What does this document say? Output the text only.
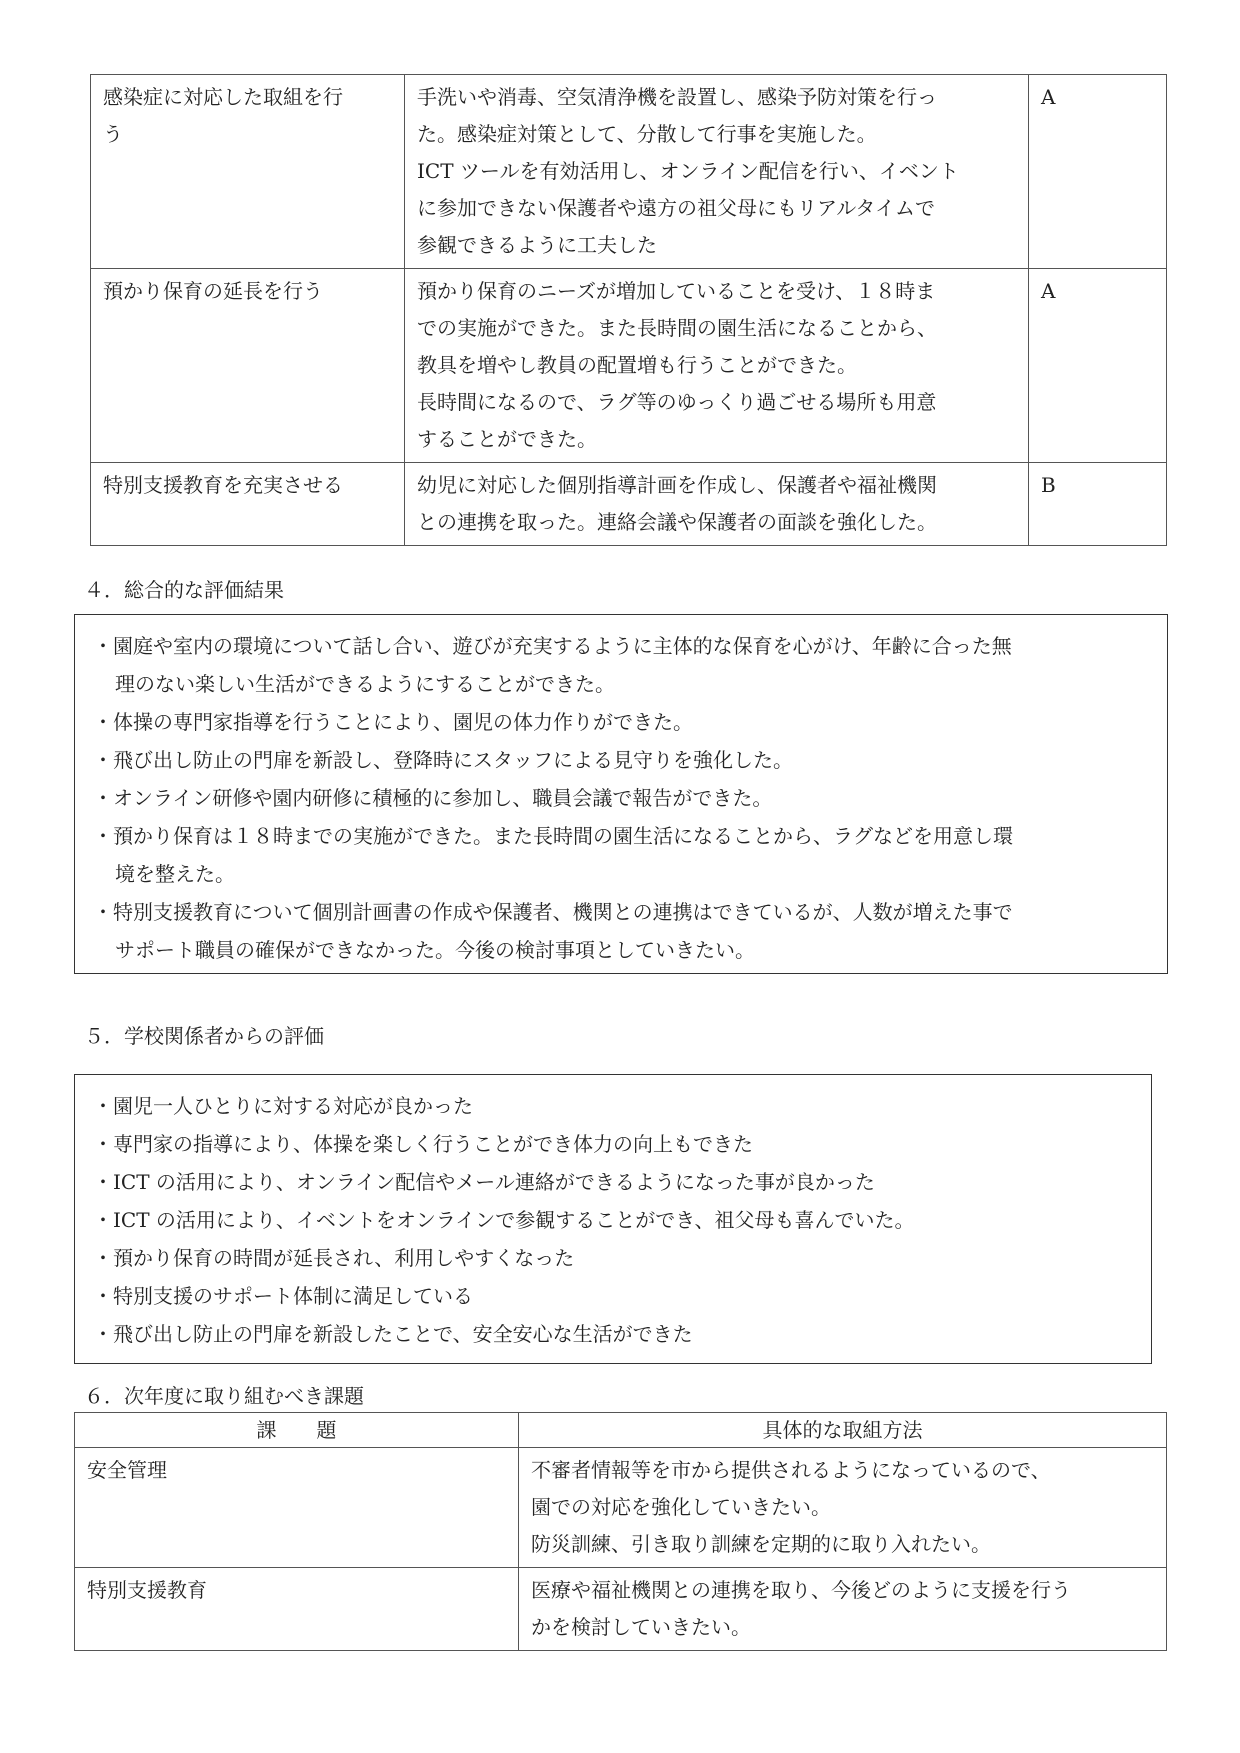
感染症に対応した取組を行
う	手洗いや消毒、空気清浄機を設置し、感染予防対策を行っ
た。感染症対策として、分散して行事を実施した。
ICT ツールを有効活用し、オンライン配信を行い、イベント
に参加できない保護者や遠方の祖父母にもリアルタイムで
参観できるように工夫した	A

預かり保育の延長を行う	預かり保育のニーズが増加していることを受け、１８時ま
での実施ができた。また長時間の園生活になることから、
教具を増やし教員の配置増も行うことができた。
長時間になるので、ラグ等のゆっくり過ごせる場所も用意
することができた。	A

特別支援教育を充実させる	幼児に対応した個別指導計画を作成し、保護者や福祉機関
との連携を取った。連絡会議や保護者の面談を強化した。	B
４．総合的な評価結果
・園庭や室内の環境について話し合い、遊びが充実するように主体的な保育を心がけ、年齢に合った無
理のない楽しい生活ができるようにすることができた。
・体操の専門家指導を行うことにより、園児の体力作りができた。
・飛び出し防止の門扉を新設し、登降時にスタッフによる見守りを強化した。
・オンライン研修や園内研修に積極的に参加し、職員会議で報告ができた。
・預かり保育は１８時までの実施ができた。また長時間の園生活になることから、ラグなどを用意し環
境を整えた。
・特別支援教育について個別計画書の作成や保護者、機関との連携はできているが、人数が増えた事で
サポート職員の確保ができなかった。今後の検討事項としていきたい。
５．学校関係者からの評価
・園児一人ひとりに対する対応が良かった
・専門家の指導により、体操を楽しく行うことができ体力の向上もできた
・ICT の活用により、オンライン配信やメール連絡ができるようになった事が良かった
・ICT の活用により、イベントをオンラインで参観することができ、祖父母も喜んでいた。
・預かり保育の時間が延長され、利用しやすくなった
・特別支援のサポート体制に満足している
・飛び出し防止の門扉を新設したことで、安全安心な生活ができた
６．次年度に取り組むべき課題
課　　題	具体的な取組方法
安全管理	不審者情報等を市から提供されるようになっているので、
園での対応を強化していきたい。
防災訓練、引き取り訓練を定期的に取り入れたい。

特別支援教育	医療や福祉機関との連携を取り、今後どのように支援を行う
かを検討していきたい。
